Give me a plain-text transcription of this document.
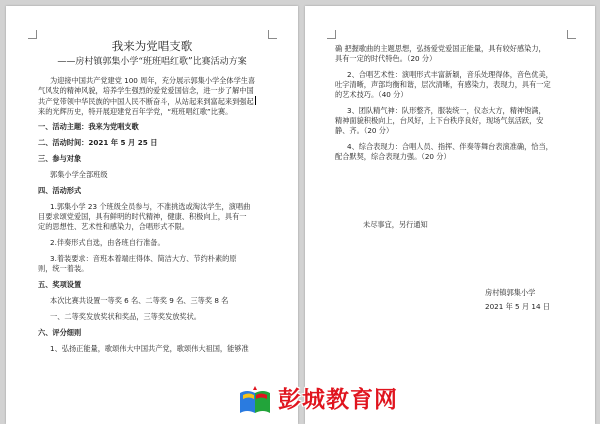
我来为党唱支歌
——房村镇郭集小学“班班唱红歌”比赛活动方案

为迎接中国共产党建党 100 周年，充分展示郭集小学全体学生喜

气风发的精神风貌，培养学生强烈的爱党爱国信念，进一步了解中国

共产党带领中华民族的中国人民不断奋斗，从站起来到富起来到强起

来的光辉历史，特开展迎建党百年学党，“班班唱红歌”比赛。

一、活动主题：我来为党唱支歌

二、活动时间：2021 年 5 月 25 日

三、参与对象

郭集小学全部班级

四、活动形式

1.郭集小学 23 个班级全员参与，不准挑选或淘汰学生，演唱曲

目要求颂党爱国，具有鲜明的时代精神，健康、积极向上，具有一

定的思想性、艺术性和感染力，合唱形式不限。

2.伴奏形式自选，由各班自行准备。

3.着装要求：音班本着端庄得体、简洁大方、节约朴素的原

则，统一着装。

五、奖项设置

本次比赛共设置一等奖 6 名、二等奖 9 名、三等奖 8 名

一、二等奖发放奖状和奖品，三等奖发放奖状。

六、评分细则

1、弘扬正能量，歌颂伟大中国共产党，歌颂伟大祖国，能够准

确 把握歌曲的主题思想，弘扬爱党爱国正能量，具有较好感染力，

具有一定的时代特色。（20 分）

2、合唱艺术性：演唱形式丰富新颖，音乐处理得体，音色优美，

吐字清晰，声部均衡和谐，层次清晰，有感染力，表现力，具有一定

的艺术技巧。（40 分）

3、团队精气神：队形整齐，服装统一，仪态大方，精神饱满，

精神面貌积极向上，台风好，上下台秩序良好，现场气氛活跃，安

静、齐。（20 分）

4、综合表现力：合唱人员、指挥、伴奏等舞台表演准确，恰当，

配合默契，综合表现力强。（20 分）

未尽事宜，另行通知
房村镇郭集小学
2021 年 5 月 14 日
彭城教育网
